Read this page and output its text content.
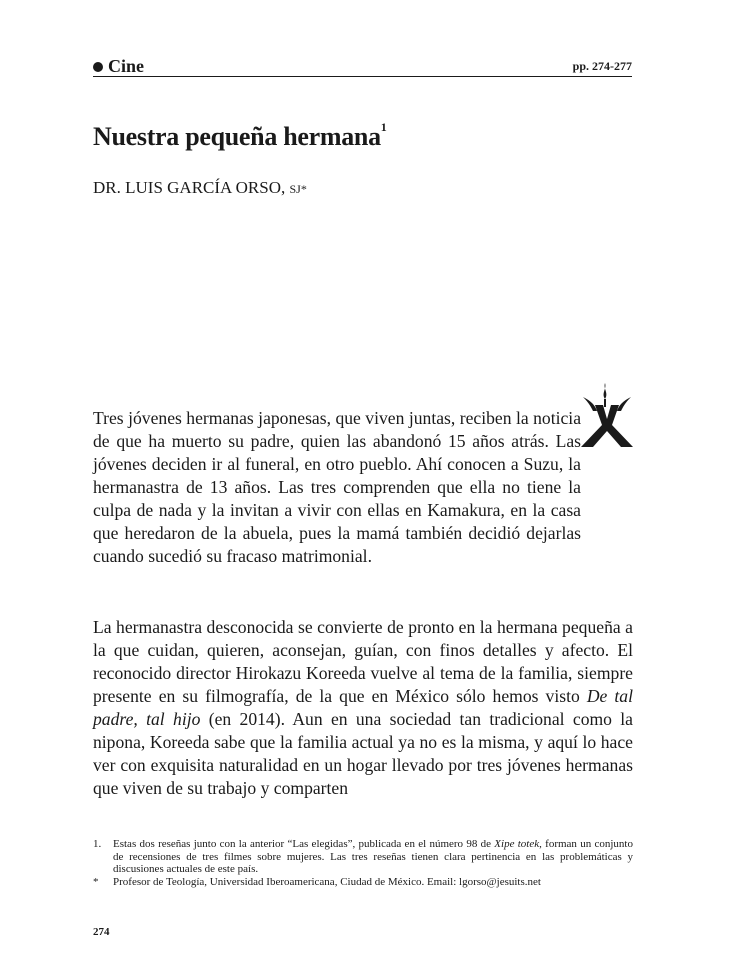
Cine	pp. 274-277
Nuestra pequeña hermana$^1$
DR. LUIS GARCÍA ORSO, SJ*
Tres jóvenes hermanas japonesas, que viven juntas, reciben la noticia de que ha muerto su padre, quien las abandonó 15 años atrás. Las jóvenes deciden ir al funeral, en otro pueblo. Ahí conocen a Suzu, la hermanastra de 13 años. Las tres comprenden que ella no tiene la culpa de nada y la invitan a vivir con ellas en Kamakura, en la casa que heredaron de la abuela, pues la mamá también decidió dejarlas cuando sucedió su fracaso matrimonial.
La hermanastra desconocida se convierte de pronto en la hermana pequeña a la que cuidan, quieren, aconsejan, guían, con finos detalles y afecto. El reconocido director Hirokazu Koreeda vuelve al tema de la familia, siempre presente en su filmografía, de la que en México sólo hemos visto De tal padre, tal hijo (en 2014). Aun en una sociedad tan tradicional como la nipona, Koreeda sabe que la familia actual ya no es la misma, y aquí lo hace ver con exquisita naturalidad en un hogar llevado por tres jóvenes hermanas que viven de su trabajo y comparten
1.	Estas dos reseñas junto con la anterior “Las elegidas”, publicada en el número 98 de Xipe totek, forman un conjunto de recensiones de tres filmes sobre mujeres. Las tres reseñas tienen clara pertinencia en las problemáticas y discusiones actuales de este país.
*	Profesor de Teología, Universidad Iberoamericana, Ciudad de México. Email: lgorso@jesuits.net
274
